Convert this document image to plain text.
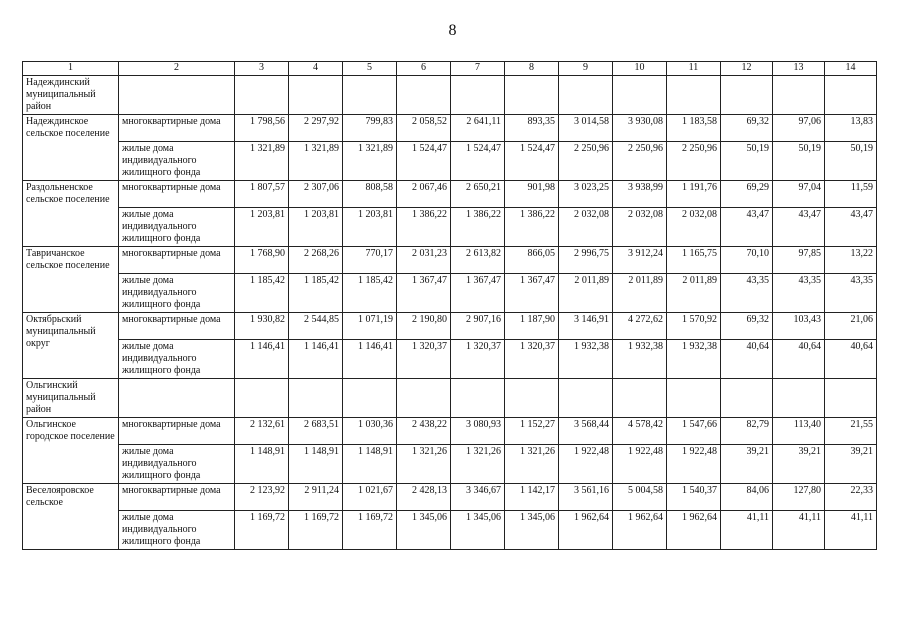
8
1	2	3	4	5	6	7	8	9	10	11	12	13	14
Надеждинский муниципальный район													
Надеждинское сельское поселение	многоквартирные дома	1 798,56	2 297,92	799,83	2 058,52	2 641,11	893,35	3 014,58	3 930,08	1 183,58	69,32	97,06	13,83
	жилые дома индивидуального жилищного фонда	1 321,89	1 321,89	1 321,89	1 524,47	1 524,47	1 524,47	2 250,96	2 250,96	2 250,96	50,19	50,19	50,19
Раздольненское сельское поселение	многоквартирные дома	1 807,57	2 307,06	808,58	2 067,46	2 650,21	901,98	3 023,25	3 938,99	1 191,76	69,29	97,04	11,59
	жилые дома индивидуального жилищного фонда	1 203,81	1 203,81	1 203,81	1 386,22	1 386,22	1 386,22	2 032,08	2 032,08	2 032,08	43,47	43,47	43,47
Тавричанское сельское поселение	многоквартирные дома	1 768,90	2 268,26	770,17	2 031,23	2 613,82	866,05	2 996,75	3 912,24	1 165,75	70,10	97,85	13,22
	жилые дома индивидуального жилищного фонда	1 185,42	1 185,42	1 185,42	1 367,47	1 367,47	1 367,47	2 011,89	2 011,89	2 011,89	43,35	43,35	43,35
Октябрьский муниципальный округ	многоквартирные дома	1 930,82	2 544,85	1 071,19	2 190,80	2 907,16	1 187,90	3 146,91	4 272,62	1 570,92	69,32	103,43	21,06
	жилые дома индивидуального жилищного фонда	1 146,41	1 146,41	1 146,41	1 320,37	1 320,37	1 320,37	1 932,38	1 932,38	1 932,38	40,64	40,64	40,64
Ольгинский муниципальный район													
Ольгинское городское поселение	многоквартирные дома	2 132,61	2 683,51	1 030,36	2 438,22	3 080,93	1 152,27	3 568,44	4 578,42	1 547,66	82,79	113,40	21,55
	жилые дома индивидуального жилищного фонда	1 148,91	1 148,91	1 148,91	1 321,26	1 321,26	1 321,26	1 922,48	1 922,48	1 922,48	39,21	39,21	39,21
Веселояровское сельское	многоквартирные дома	2 123,92	2 911,24	1 021,67	2 428,13	3 346,67	1 142,17	3 561,16	5 004,58	1 540,37	84,06	127,80	22,33
	жилые дома индивидуального жилищного фонда	1 169,72	1 169,72	1 169,72	1 345,06	1 345,06	1 345,06	1 962,64	1 962,64	1 962,64	41,11	41,11	41,11
